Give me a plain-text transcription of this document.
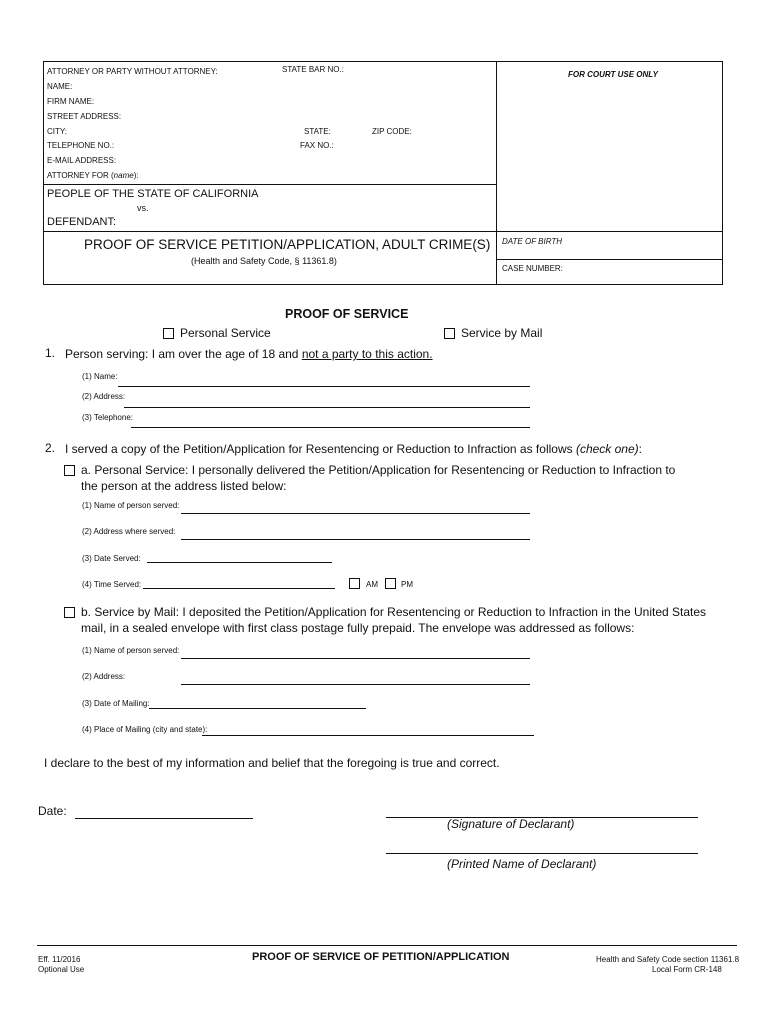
ATTORNEY OR PARTY WITHOUT ATTORNEY:	STATE BAR NO.:
FOR COURT USE ONLY
NAME:
FIRM NAME:
STREET ADDRESS:
CITY:	STATE:	ZIP CODE:
TELEPHONE NO.:	FAX NO.:
E-MAIL ADDRESS:
ATTORNEY FOR (name):
PEOPLE OF THE STATE OF CALIFORNIA
vs.
DEFENDANT:
PROOF OF SERVICE PETITION/APPLICATION, ADULT CRIME(S)
(Health and Safety Code, § 11361.8)
DATE OF BIRTH
CASE NUMBER:
PROOF OF SERVICE
Personal Service	Service by Mail
1. Person serving: I am over the age of 18 and not a party to this action.
(1) Name:
(2) Address:
(3) Telephone:
2. I served a copy of the Petition/Application for Resentencing or Reduction to Infraction as follows (check one):
a. Personal Service: I personally delivered the Petition/Application for Resentencing or Reduction to Infraction to
the person at the address listed below:
(1) Name of person served:
(2) Address where served:
(3) Date Served:
(4) Time Served:	AM	PM
b. Service by Mail: I deposited the Petition/Application for Resentencing or Reduction to Infraction in the United States
mail, in a sealed envelope with first class postage fully prepaid. The envelope was addressed as follows:
(1) Name of person served:
(2) Address:
(3) Date of Mailing:
(4) Place of Mailing (city and state):
I declare to the best of my information and belief that the foregoing is true and correct.
Date:
(Signature of Declarant)
(Printed Name of Declarant)
Eff. 11/2016
Optional Use
PROOF OF SERVICE OF PETITION/APPLICATION	Health and Safety Code section 11361.8
Local Form CR-148
